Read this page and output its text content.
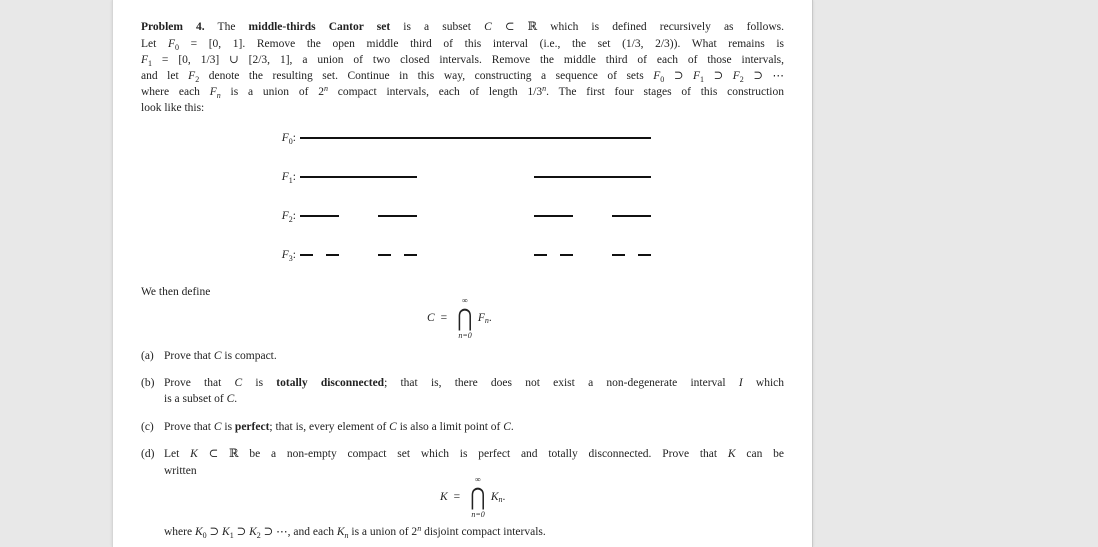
Problem 4. The middle-thirds Cantor set is a subset C ⊂ ℝ which is defined recursively as follows.
Let $F_0 = [0$, 1]. Remove the open middle third of this interval (i.e., the set (1/3, 2/3)). What remains is
$F_1 = [0$, 1/3] ∪ [2/3, 1], a union of two closed intervals. Remove the middle third of each of those intervals,
and let $F_2$ denote the resulting set. Continue in this way, constructing a sequence of sets $F_0$ ⊃ $F_1$ ⊃ $F_2$ ⊃ ⋯
where each $F_n$ is a union of 2$^n$ compact intervals, each of length 1/3$^n$. The first four stages of this construction
look like this:
$F_0$:
$F_1$:
$F_2$:
$F_3$:
We then define
C =
∞
⋂
n=0
$F_n$.
(a) Prove that C is compact.
(b) Prove that C is totally disconnected; that is, there does not exist a non-degenerate interval I which
is a subset of C.
(c) Prove that C is perfect; that is, every element of C is also a limit point of C.
(d) Let K ⊂ ℝ be a non-empty compact set which is perfect and totally disconnected. Prove that K can be
written
K =
∞
⋂
n=0
$K_n$.
where $K_0$ ⊃ $K_1$ ⊃ $K_2$ ⊃ ⋯, and each $K_n$ is a union of 2$^n$ disjoint compact intervals.
